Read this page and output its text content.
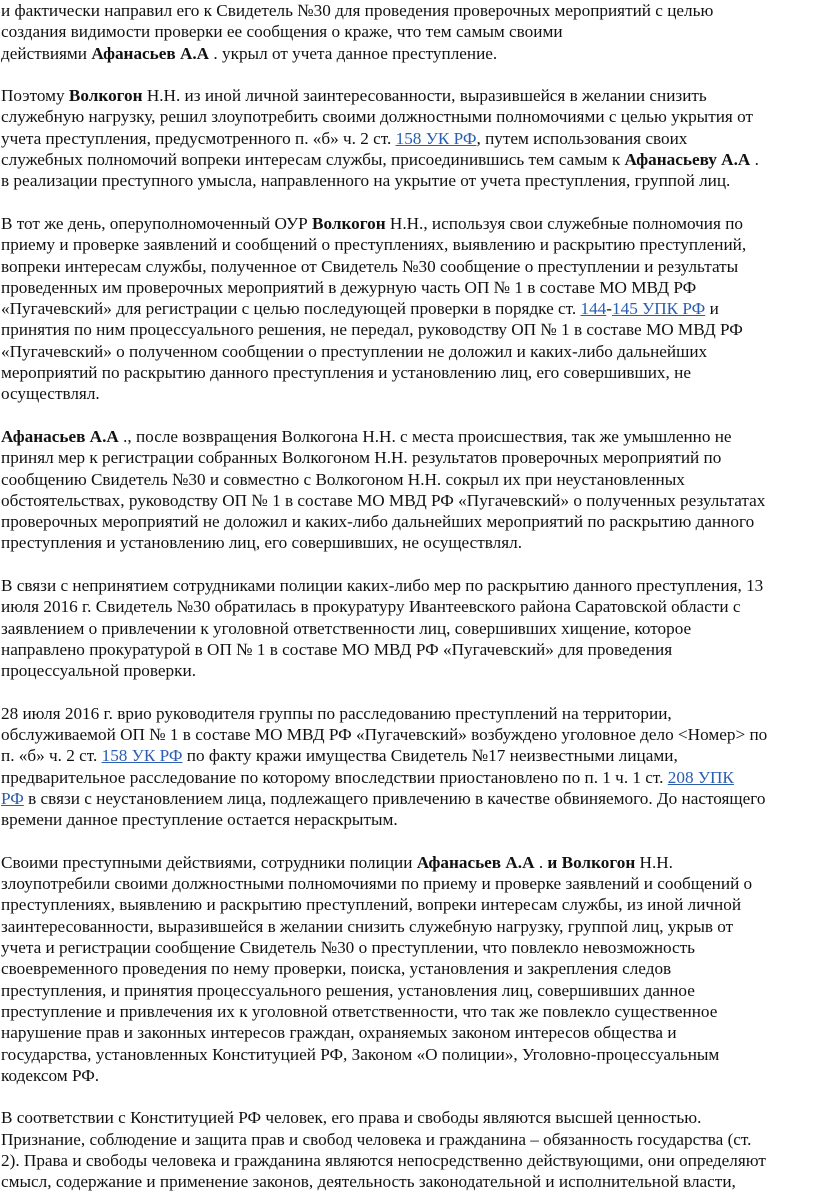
и фактически направил его к Свидетель №30 для проведения проверочных мероприятий с целью
создания видимости проверки ее сообщения о краже, что тем самым своими
действиями Афанасьев А.А . укрыл от учета данное преступление.
Поэтому Волкогон Н.Н. из иной личной заинтересованности, выразившейся в желании снизить
служебную нагрузку, решил злоупотребить своими должностными полномочиями с целью укрытия от
учета преступления, предусмотренного п. «б» ч. 2 ст. 158 УК РФ, путем использования своих
служебных полномочий вопреки интересам службы, присоединившись тем самым к Афанасьеву А.А .
в реализации преступного умысла, направленного на укрытие от учета преступления, группой лиц.
В тот же день, оперуполномоченный ОУР Волкогон Н.Н., используя свои служебные полномочия по
приему и проверке заявлений и сообщений о преступлениях, выявлению и раскрытию преступлений,
вопреки интересам службы, полученное от Свидетель №30 сообщение о преступлении и результаты
проведенных им проверочных мероприятий в дежурную часть ОП № 1 в составе МО МВД РФ
«Пугачевский» для регистрации с целью последующей проверки в порядке ст. 144-145 УПК РФ и
принятия по ним процессуального решения, не передал, руководству ОП № 1 в составе МО МВД РФ
«Пугачевский» о полученном сообщении о преступлении не доложил и каких-либо дальнейших
мероприятий по раскрытию данного преступления и установлению лиц, его совершивших, не
осуществлял.
Афанасьев А.А ., после возвращения Волкогона Н.Н. с места происшествия, так же умышленно не
принял мер к регистрации собранных Волкогоном Н.Н. результатов проверочных мероприятий по
сообщению Свидетель №30 и совместно с Волкогоном Н.Н. сокрыл их при неустановленных
обстоятельствах, руководству ОП № 1 в составе МО МВД РФ «Пугачевский» о полученных результатах
проверочных мероприятий не доложил и каких-либо дальнейших мероприятий по раскрытию данного
преступления и установлению лиц, его совершивших, не осуществлял.
В связи с непринятием сотрудниками полиции каких-либо мер по раскрытию данного преступления, 13
июля 2016 г. Свидетель №30 обратилась в прокуратуру Ивантеевского района Саратовской области с
заявлением о привлечении к уголовной ответственности лиц, совершивших хищение, которое
направлено прокуратурой в ОП № 1 в составе МО МВД РФ «Пугачевский» для проведения
процессуальной проверки.
28 июля 2016 г. врио руководителя группы по расследованию преступлений на территории,
обслуживаемой ОП № 1 в составе МО МВД РФ «Пугачевский» возбуждено уголовное дело <Номер> по
п. «б» ч. 2 ст. 158 УК РФ по факту кражи имущества Свидетель №17 неизвестными лицами,
предварительное расследование по которому впоследствии приостановлено по п. 1 ч. 1 ст. 208 УПК
РФ в связи с неустановлением лица, подлежащего привлечению в качестве обвиняемого. До настоящего
времени данное преступление остается нераскрытым.
Своими преступными действиями, сотрудники полиции Афанасьев А.А . и Волкогон Н.Н.
злоупотребили своими должностными полномочиями по приему и проверке заявлений и сообщений о
преступлениях, выявлению и раскрытию преступлений, вопреки интересам службы, из иной личной
заинтересованности, выразившейся в желании снизить служебную нагрузку, группой лиц, укрыв от
учета и регистрации сообщение Свидетель №30 о преступлении, что повлекло невозможность
своевременного проведения по нему проверки, поиска, установления и закрепления следов
преступления, и принятия процессуального решения, установления лиц, совершивших данное
преступление и привлечения их к уголовной ответственности, что так же повлекло существенное
нарушение прав и законных интересов граждан, охраняемых законом интересов общества и
государства, установленных Конституцией РФ, Законом «О полиции», Уголовно-процессуальным
кодексом РФ.
В соответствии с Конституцией РФ человек, его права и свободы являются высшей ценностью.
Признание, соблюдение и защита прав и свобод человека и гражданина – обязанность государства (ст.
2). Права и свободы человека и гражданина являются непосредственно действующими, они определяют
смысл, содержание и применение законов, деятельность законодательной и исполнительной власти,
